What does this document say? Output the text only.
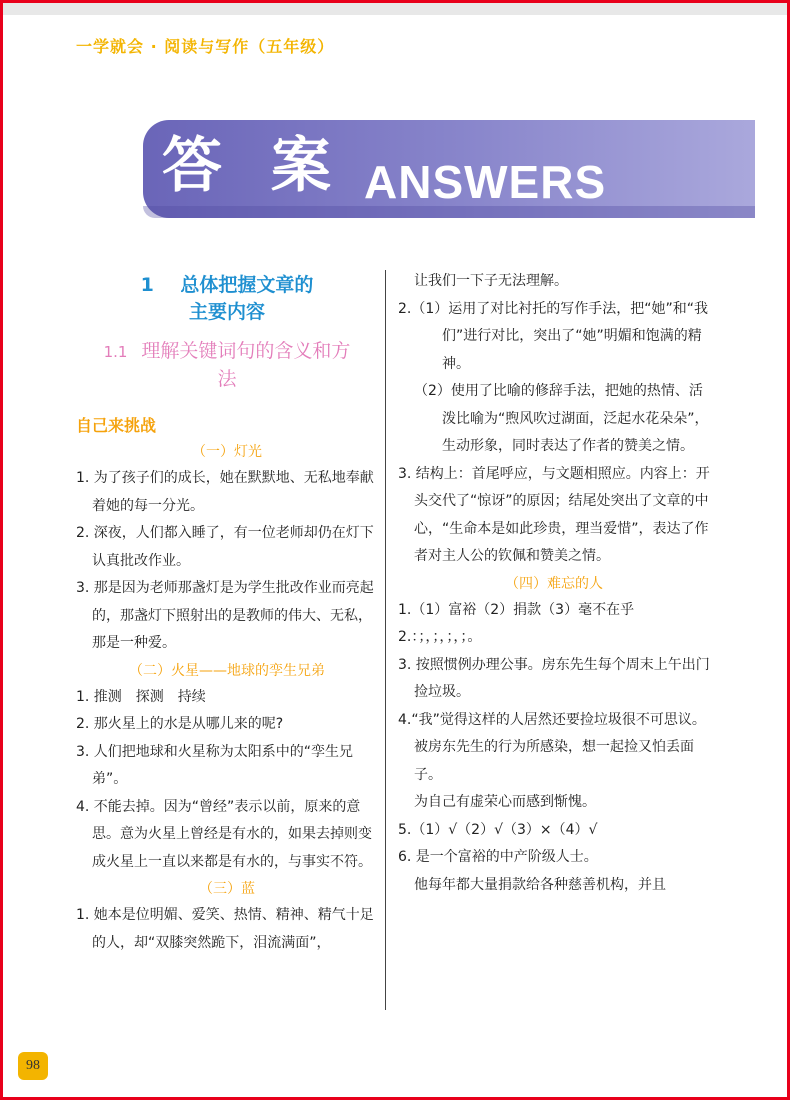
一学就会 · 阅读与写作（五年级）
答 案 ANSWERS
1 总体把握文章的
主要内容
1.1 理解关键词句的含义和方
法
自己来挑战
（一）灯光

1. 为了孩子们的成长，她在默默地、无私地奉献着她的每一分光。

2. 深夜，人们都入睡了，有一位老师却仍在灯下认真批改作业。

3. 那是因为老师那盏灯是为学生批改作业而亮起的，那盏灯下照射出的是教师的伟大、无私，那是一种爱。

（二）火星——地球的孪生兄弟

1. 推测　探测　持续

2. 那火星上的水是从哪儿来的呢?

3. 人们把地球和火星称为太阳系中的“孪生兄弟”。

4. 不能去掉。因为“曾经”表示以前，原来的意思。意为火星上曾经是有水的，如果去掉则变成火星上一直以来都是有水的，与事实不符。

（三）蓝

1. 她本是位明媚、爱笑、热情、精神、精气十足的人，却“双膝突然跪下，泪流满面”，

让我们一下子无法理解。

2.（1）运用了对比衬托的写作手法，把“她”和“我们”进行对比，突出了“她”明媚和饱满的精神。

（2）使用了比喻的修辞手法，把她的热情、活泼比喻为“煦风吹过湖面，泛起水花朵朵”，生动形象，同时表达了作者的赞美之情。

3. 结构上：首尾呼应，与文题相照应。内容上：开头交代了“惊讶”的原因；结尾处突出了文章的中心，“生命本是如此珍贵，理当爱惜”，表达了作者对主人公的钦佩和赞美之情。

（四）难忘的人

1.（1）富裕（2）捐款（3）毫不在乎

2.：；，；，；，；。

3. 按照惯例办理公事。房东先生每个周末上午出门捡垃圾。

4.“我”觉得这样的人居然还要捡垃圾很不可思议。

被房东先生的行为所感染，想一起捡又怕丢面子。

为自己有虚荣心而感到惭愧。

5.（1）√（2）√（3）×（4）√

6. 是一个富裕的中产阶级人士。

他每年都大量捐款给各种慈善机构，并且

98
